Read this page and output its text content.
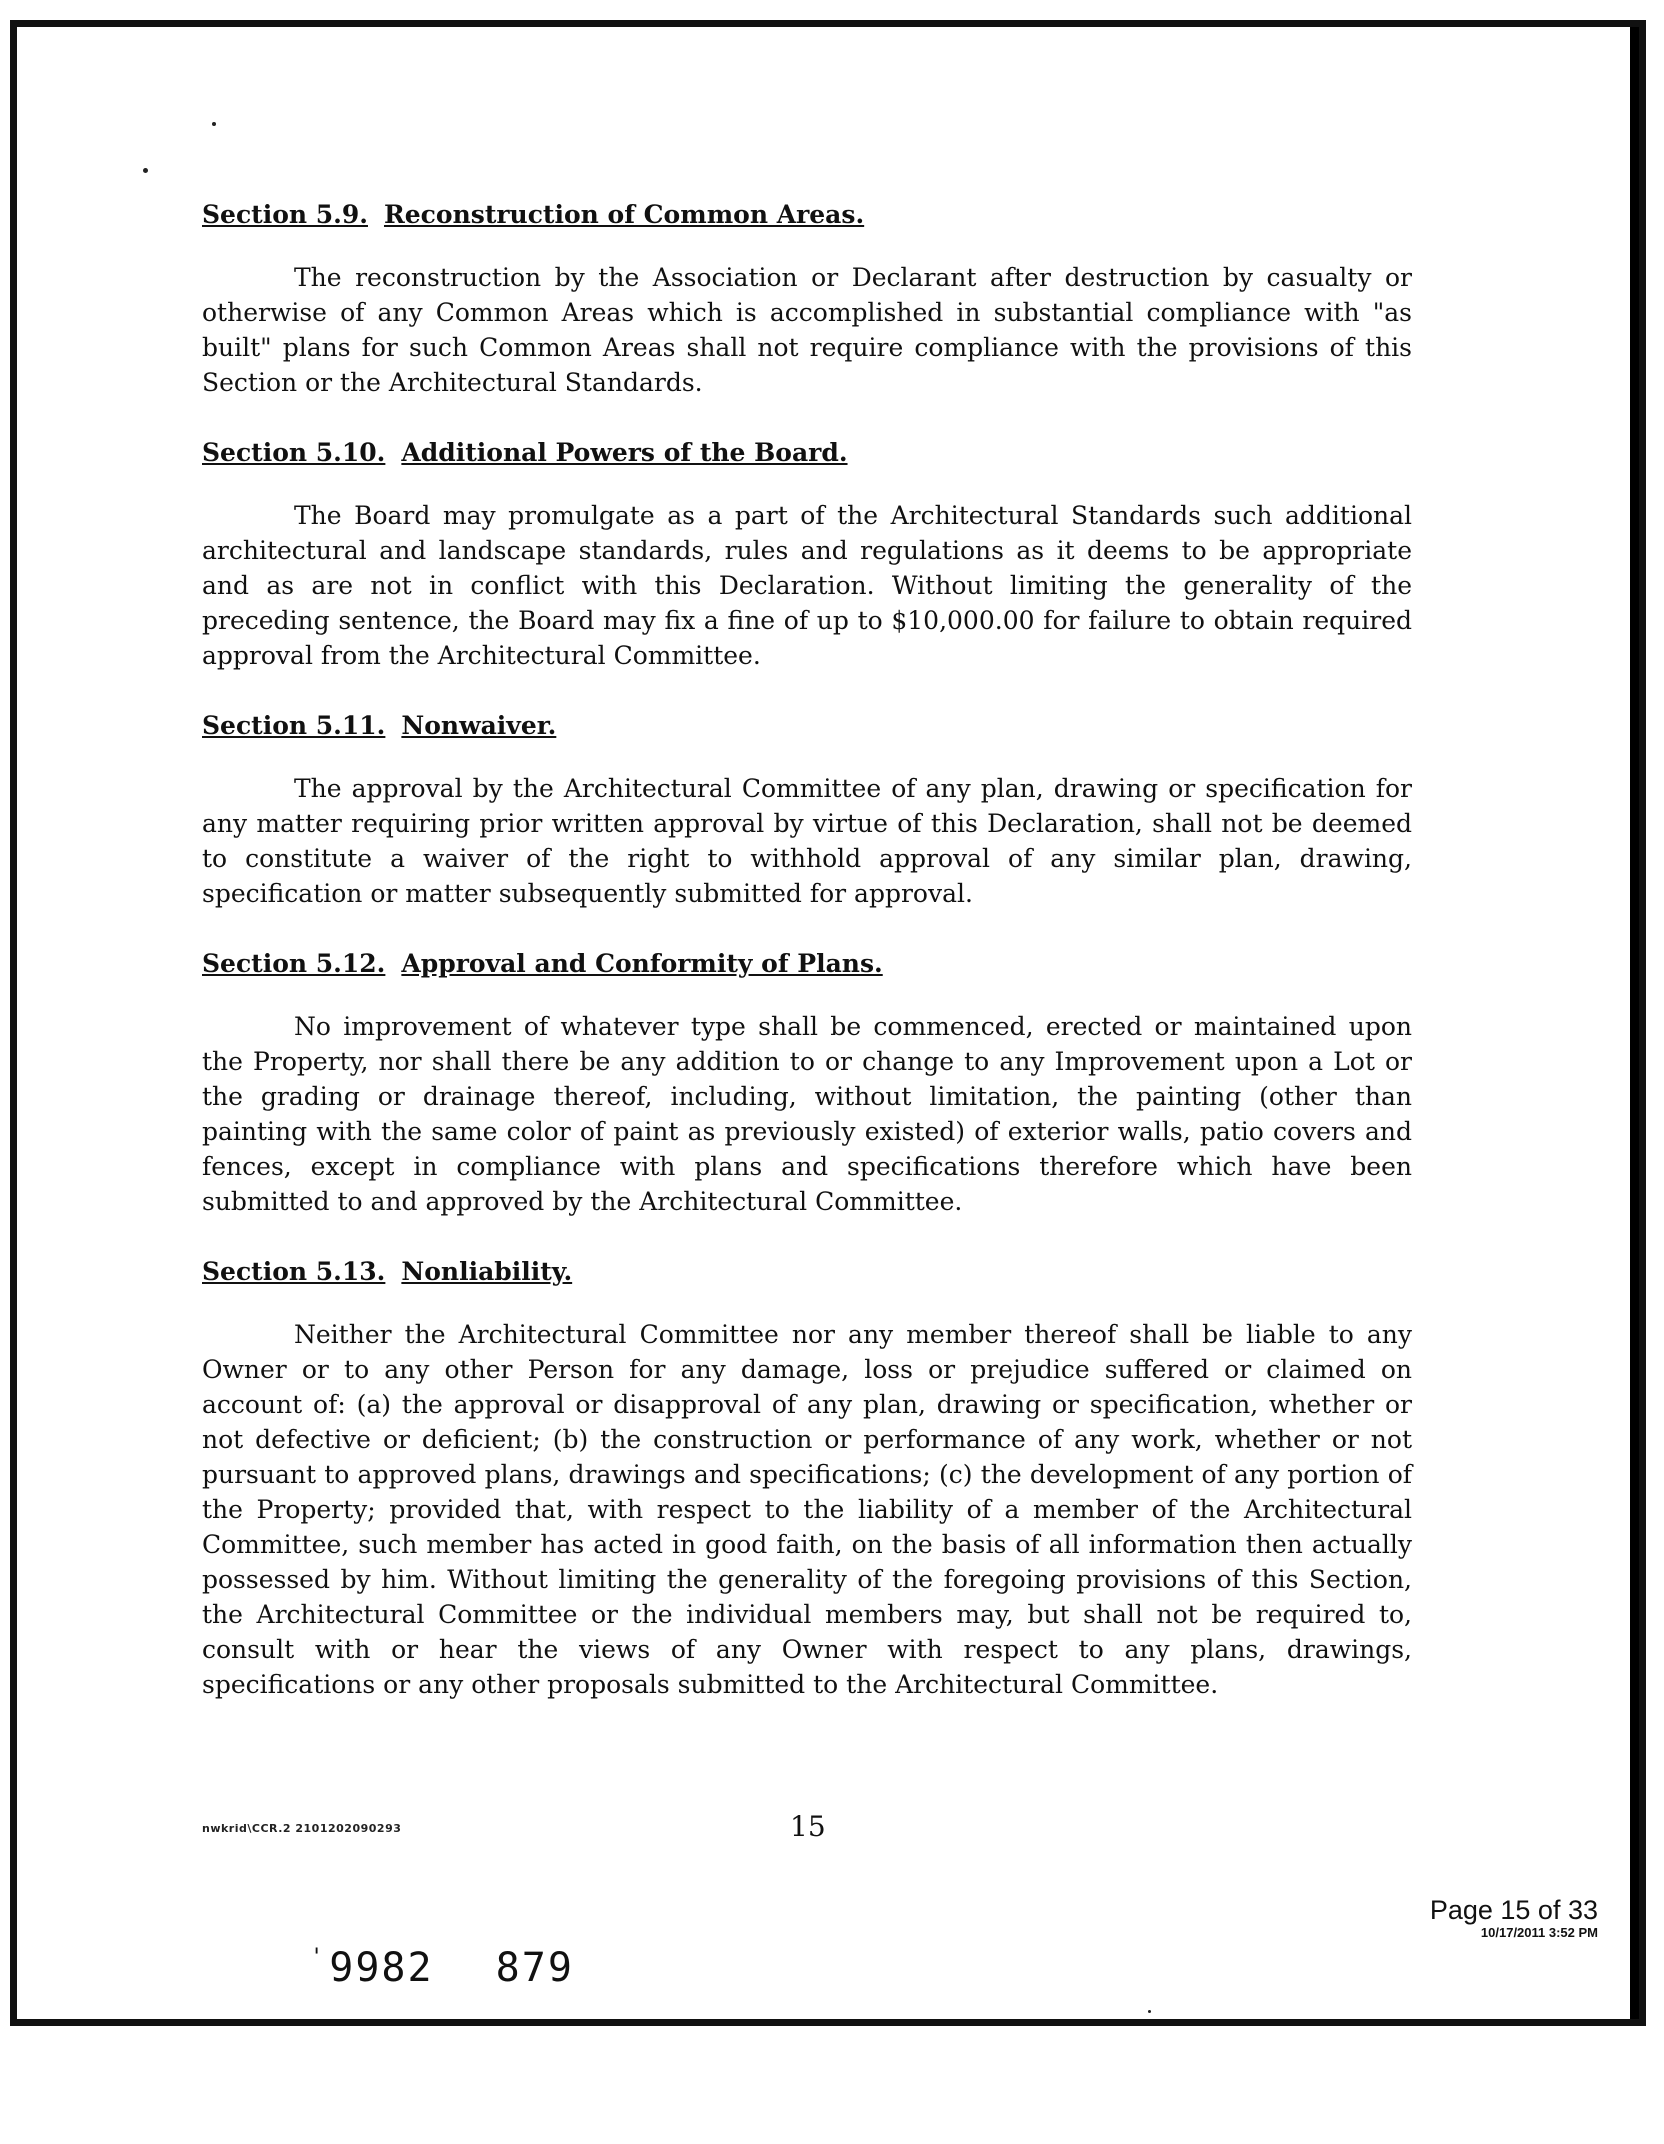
Section 5.9. Reconstruction of Common Areas.

The reconstruction by the Association or Declarant after destruction by casualty or otherwise of any Common Areas which is accomplished in substantial compliance with "as built" plans for such Common Areas shall not require compliance with the provisions of this Section or the Architectural Standards.

Section 5.10. Additional Powers of the Board.

The Board may promulgate as a part of the Architectural Standards such additional architectural and landscape standards, rules and regulations as it deems to be appropriate and as are not in conflict with this Declaration. Without limiting the generality of the preceding sentence, the Board may fix a fine of up to $10,000.00 for failure to obtain required approval from the Architectural Committee.

Section 5.11. Nonwaiver.

The approval by the Architectural Committee of any plan, drawing or specification for any matter requiring prior written approval by virtue of this Declaration, shall not be deemed to constitute a waiver of the right to withhold approval of any similar plan, drawing, specification or matter subsequently submitted for approval.

Section 5.12. Approval and Conformity of Plans.

No improvement of whatever type shall be commenced, erected or maintained upon the Property, nor shall there be any addition to or change to any Improvement upon a Lot or the grading or drainage thereof, including, without limitation, the painting (other than painting with the same color of paint as previously existed) of exterior walls, patio covers and fences, except in compliance with plans and specifications therefore which have been submitted to and approved by the Architectural Committee.

Section 5.13. Nonliability.

Neither the Architectural Committee nor any member thereof shall be liable to any Owner or to any other Person for any damage, loss or prejudice suffered or claimed on account of: (a) the approval or disapproval of any plan, drawing or specification, whether or not defective or deficient; (b) the construction or performance of any work, whether or not pursuant to approved plans, drawings and specifications; (c) the development of any portion of the Property; provided that, with respect to the liability of a member of the Architectural Committee, such member has acted in good faith, on the basis of all information then actually possessed by him. Without limiting the generality of the foregoing provisions of this Section, the Architectural Committee or the individual members may, but shall not be required to, consult with or hear the views of any Owner with respect to any plans, drawings, specifications or any other proposals submitted to the Architectural Committee.

nwkrid\CCR.2 2101202090293	15
Page 15 of 33
10/17/2011 3:52 PM
' 9982 879
